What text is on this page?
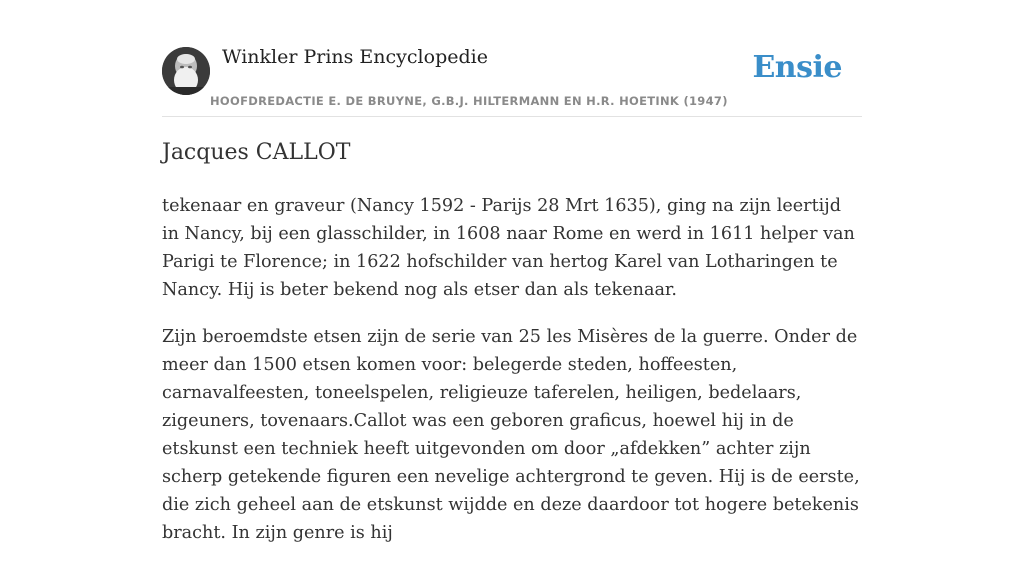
Winkler Prins Encyclopedie
HOOFDREDACTIE E. DE BRUYNE, G.B.J. HILTERMANN EN H.R. HOETINK (1947)
Ensie
Jacques CALLOT

tekenaar en graveur (Nancy 1592 - Parijs 28 Mrt 1635), ging na zijn leertijd in Nancy, bij een glasschilder, in 1608 naar Rome en werd in 1611 helper van Parigi te Florence; in 1622 hofschilder van hertog Karel van Lotharingen te Nancy. Hij is beter bekend nog als etser dan als tekenaar.

Zijn beroemdste etsen zijn de serie van 25 les Misères de la guerre. Onder de meer dan 1500 etsen komen voor: belegerde steden, hoffeesten, carnavalfeesten, toneelspelen, religieuze taferelen, heiligen, bedelaars, zigeuners, tovenaars.Callot was een geboren graficus, hoewel hij in de etskunst een techniek heeft uitgevonden om door „afdekken” achter zijn scherp getekende figuren een nevelige achtergrond te geven. Hij is de eerste, die zich geheel aan de etskunst wijdde en deze daardoor tot hogere betekenis bracht. In zijn genre is hij
